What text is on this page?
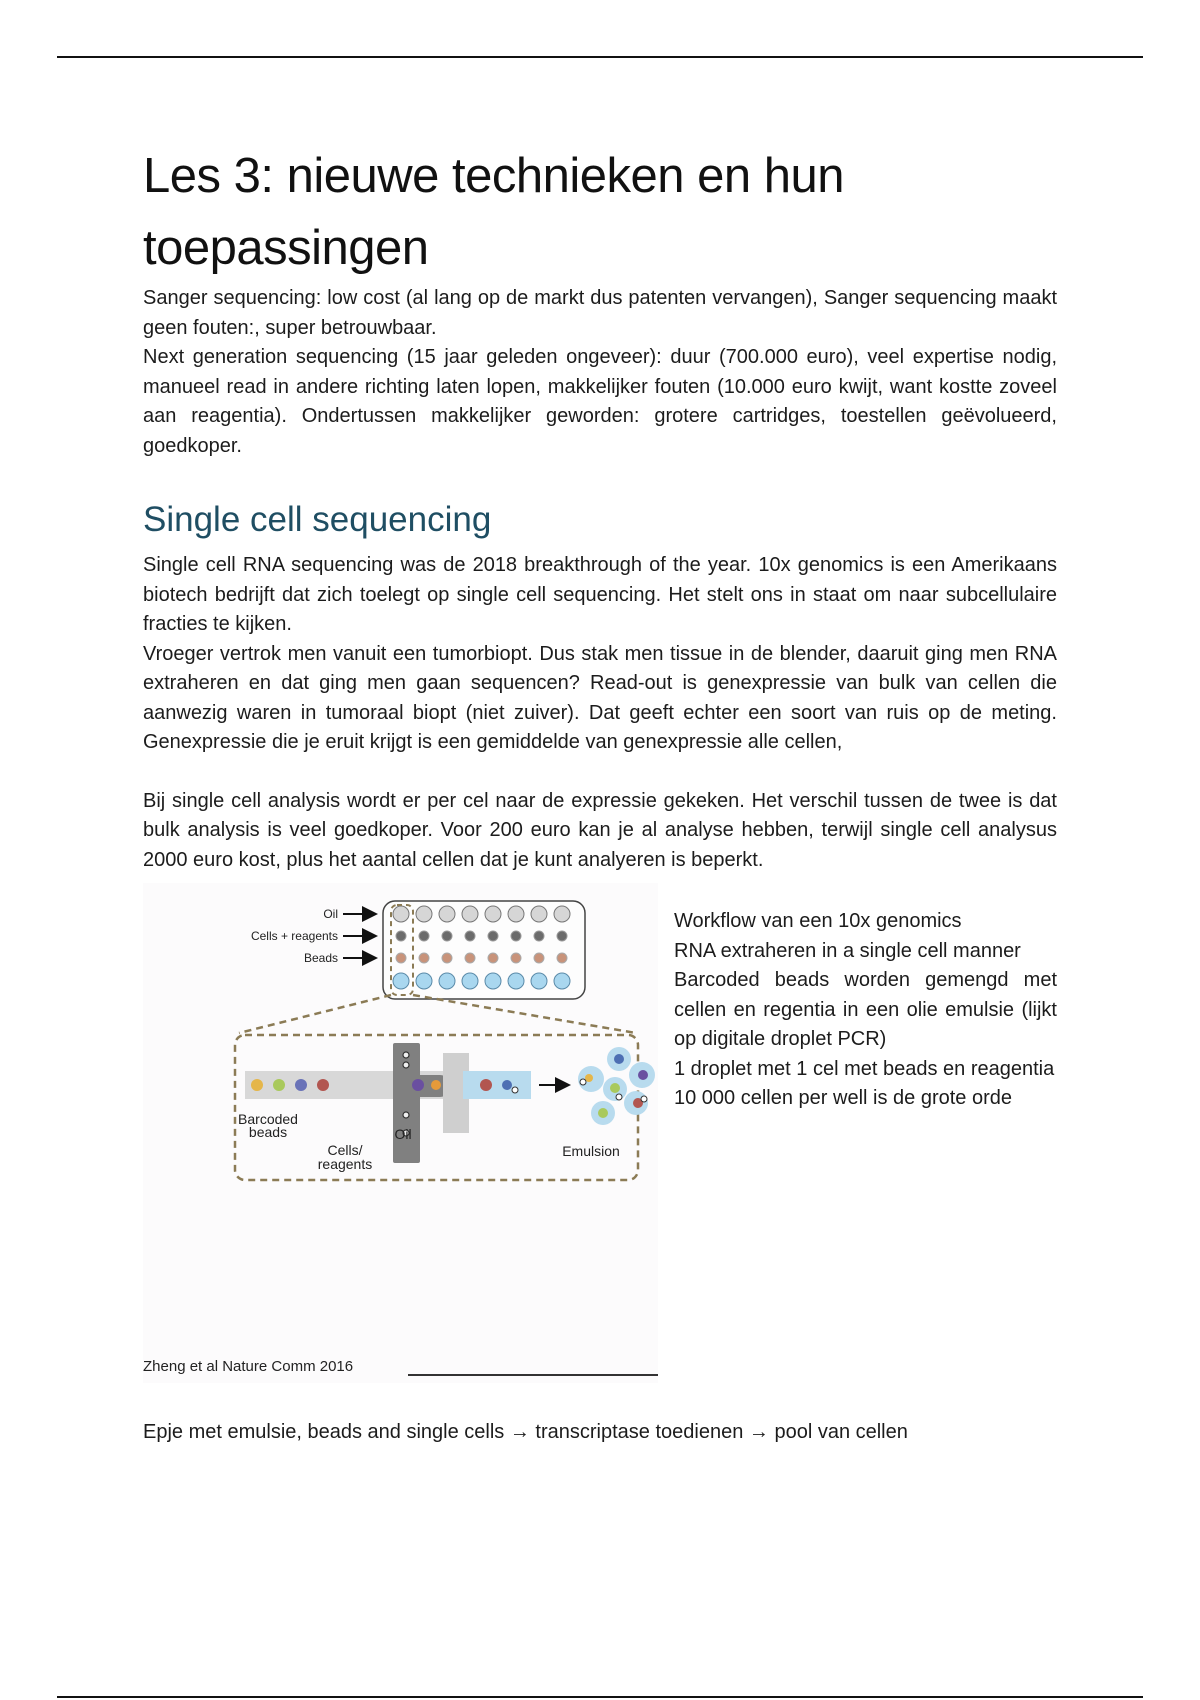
Les 3: nieuwe technieken en hun toepassingen

Sanger sequencing: low cost (al lang op de markt dus patenten vervangen), Sanger sequencing maakt geen fouten:, super betrouwbaar.

Next generation sequencing (15 jaar geleden ongeveer): duur (700.000 euro), veel expertise nodig, manueel read in andere richting laten lopen, makkelijker fouten (10.000 euro kwijt, want kostte zoveel aan reagentia). Ondertussen makkelijker geworden: grotere cartridges, toestellen geëvolueerd, goedkoper.

Single cell sequencing

Single cell RNA sequencing was de 2018 breakthrough of the year. 10x genomics is een Amerikaans biotech bedrijft dat zich toelegt op single cell sequencing. Het stelt ons in staat om naar subcellulaire fracties te kijken.

Vroeger vertrok men vanuit een tumorbiopt. Dus stak men tissue in de blender, daaruit ging men RNA extraheren en dat ging men gaan sequencen? Read-out is genexpressie van bulk van cellen die aanwezig waren in tumoraal biopt (niet zuiver). Dat geeft echter een soort van ruis op de meting. Genexpressie die je eruit krijgt is een gemiddelde van genexpressie alle cellen,

Bij single cell analysis wordt er per cel naar de expressie gekeken. Het verschil tussen de twee is dat bulk analysis is veel goedkoper. Voor 200 euro kan je al analyse hebben, terwijl single cell analysus 2000 euro kost, plus het aantal cellen dat je kunt analyeren is beperkt.

Oil
Cells + reagents
Beads
Barcoded
beads
Cells/
reagents
Oil
Emulsion
Zheng et al Nature Comm 2016

Workflow van een 10x genomics

RNA extraheren in a single cell manner

Barcoded beads worden gemengd met cellen en regentia in een olie emulsie (lijkt op digitale droplet PCR)

1 droplet met 1 cel met beads en reagentia

10 000 cellen per well is de grote orde

Epje met emulsie, beads and single cells → transcriptase toedienen → pool van cellen
